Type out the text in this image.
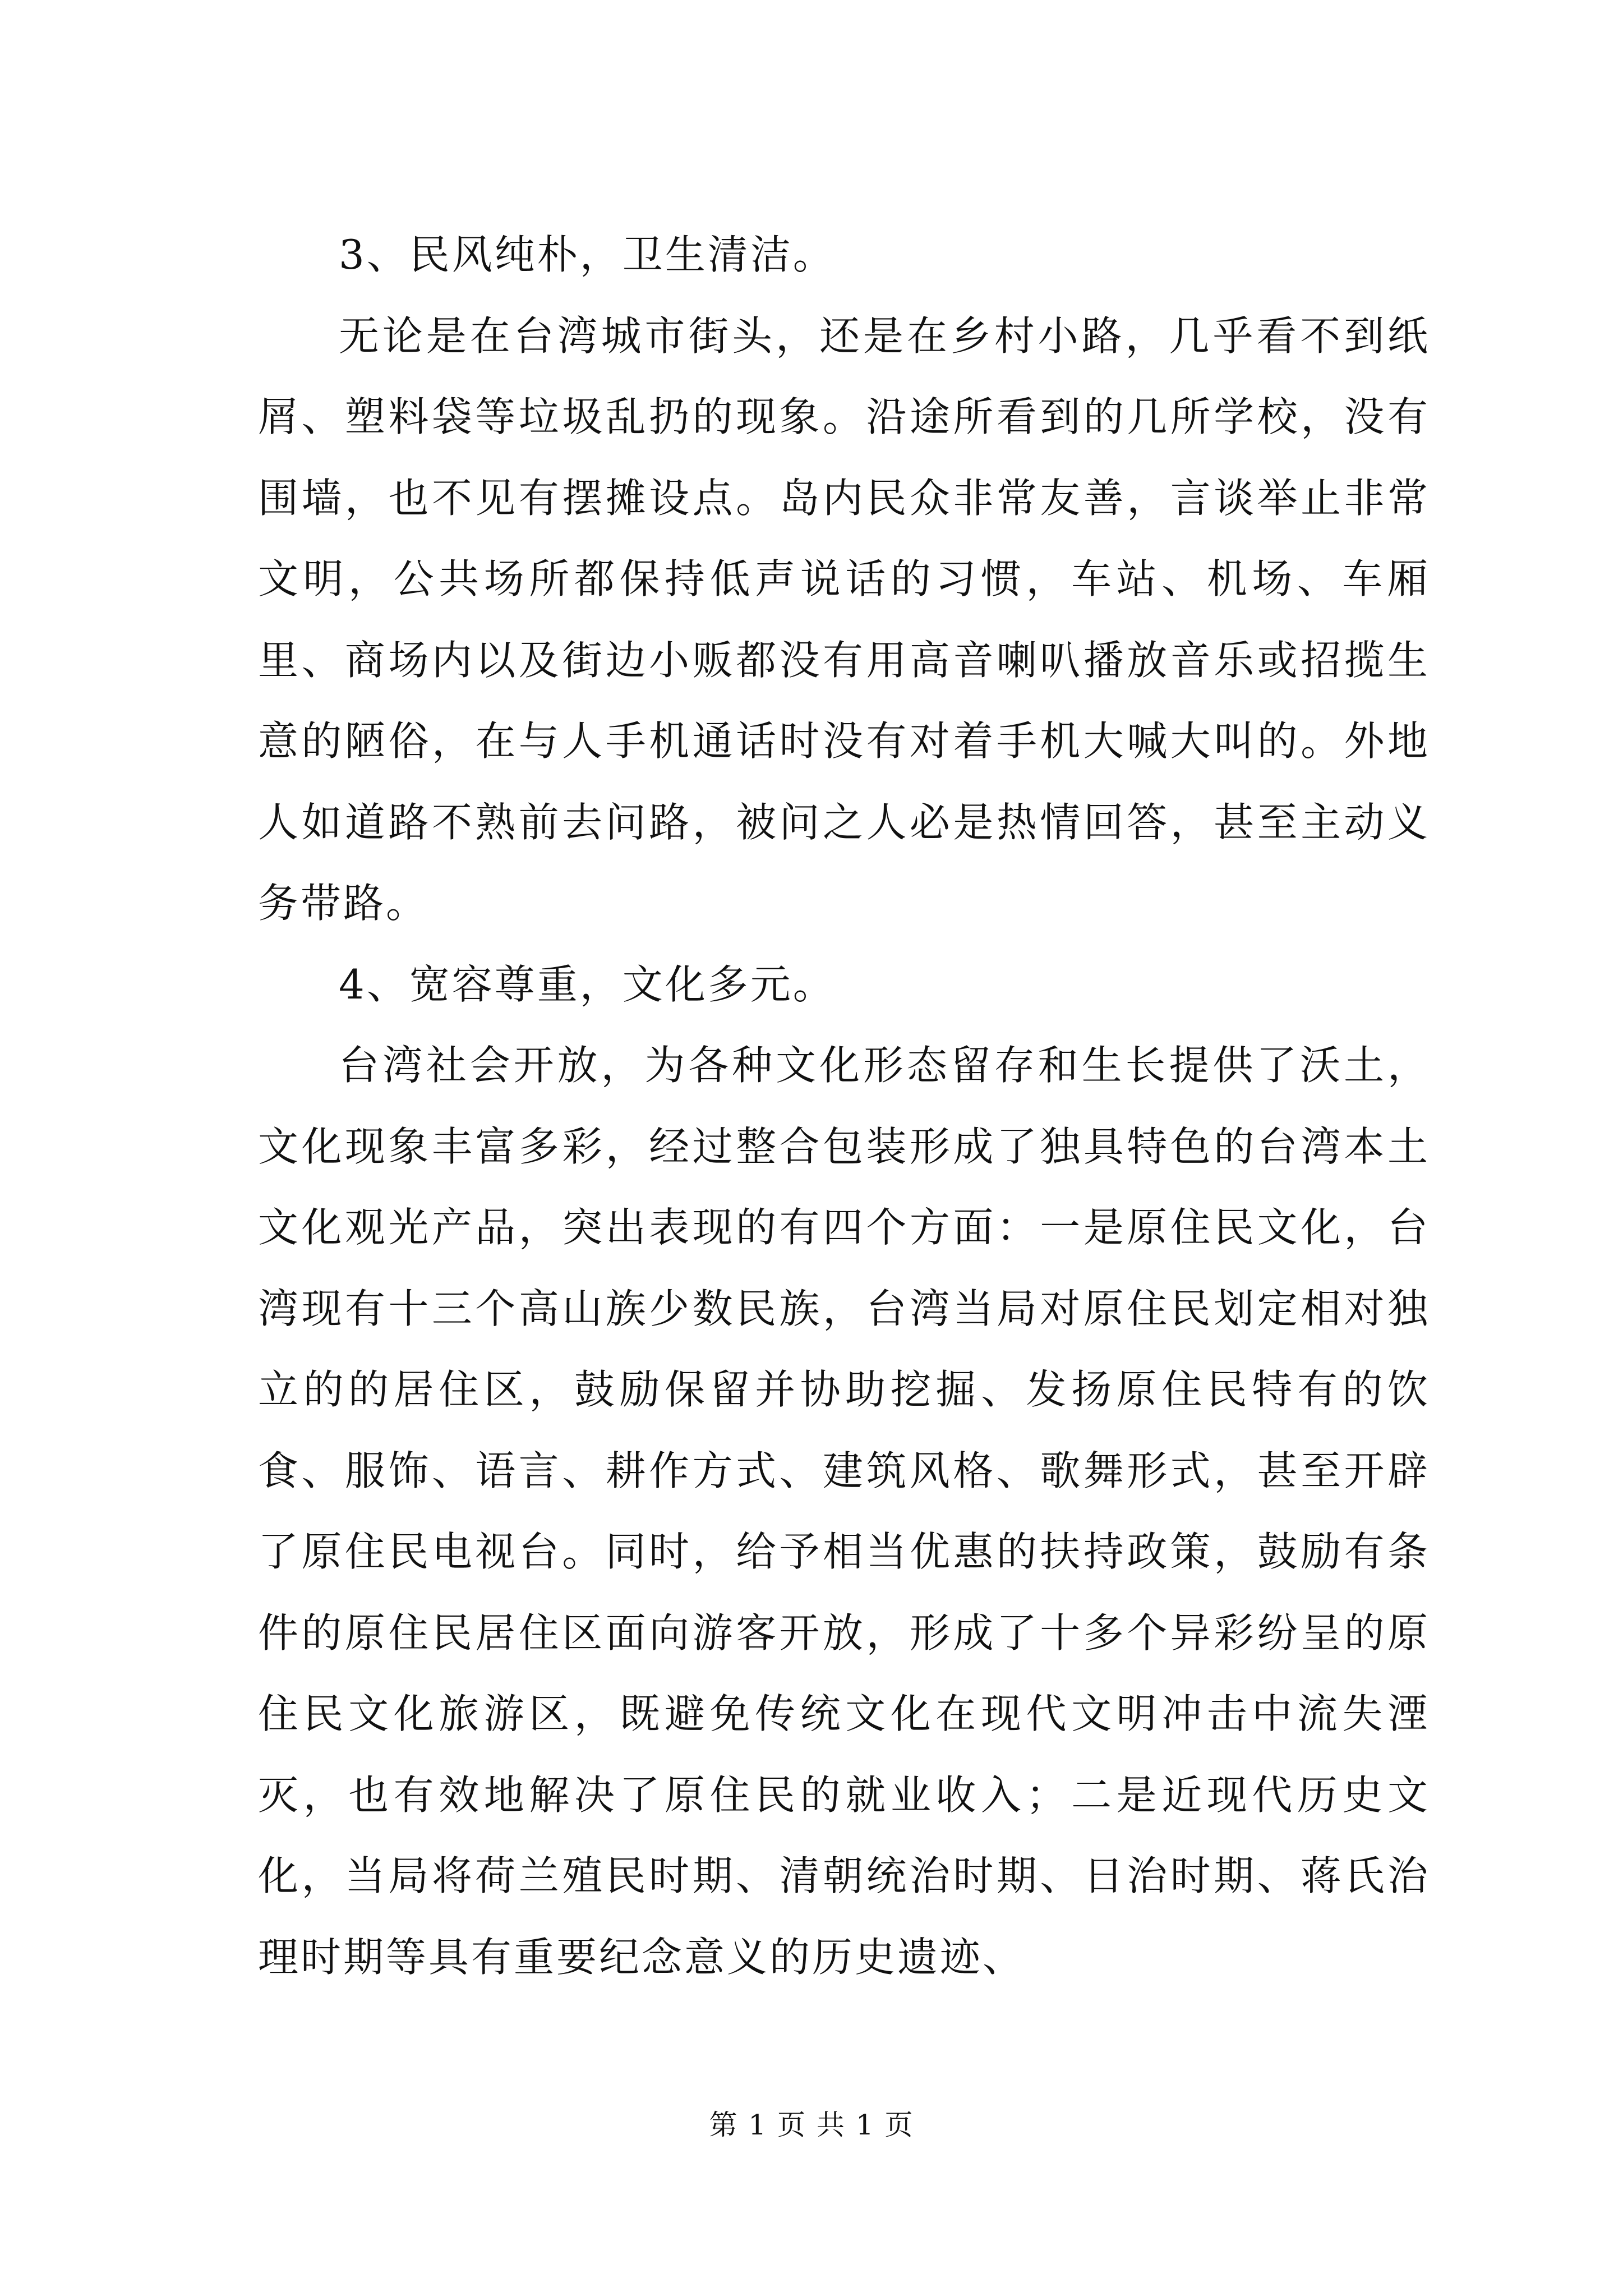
3、民风纯朴，卫生清洁。

无论是在台湾城市街头，还是在乡村小路，几乎看不到纸屑、塑料袋等垃圾乱扔的现象。沿途所看到的几所学校，没有围墙，也不见有摆摊设点。岛内民众非常友善，言谈举止非常文明，公共场所都保持低声说话的习惯，车站、机场、车厢里、商场内以及街边小贩都没有用高音喇叭播放音乐或招揽生意的陋俗，在与人手机通话时没有对着手机大喊大叫的。外地人如道路不熟前去问路，被问之人必是热情回答，甚至主动义务带路。

4、宽容尊重，文化多元。

台湾社会开放，为各种文化形态留存和生长提供了沃土，文化现象丰富多彩，经过整合包装形成了独具特色的台湾本土文化观光产品，突出表现的有四个方面：一是原住民文化，台湾现有十三个高山族少数民族，台湾当局对原住民划定相对独立的的居住区，鼓励保留并协助挖掘、发扬原住民特有的饮食、服饰、语言、耕作方式、建筑风格、歌舞形式，甚至开辟了原住民电视台。同时，给予相当优惠的扶持政策，鼓励有条件的原住民居住区面向游客开放，形成了十多个异彩纷呈的原住民文化旅游区，既避免传统文化在现代文明冲击中流失湮灭，也有效地解决了原住民的就业收入；二是近现代历史文化，当局将荷兰殖民时期、清朝统治时期、日治时期、蒋氏治理时期等具有重要纪念意义的历史遗迹、

第 1 页 共 1 页
